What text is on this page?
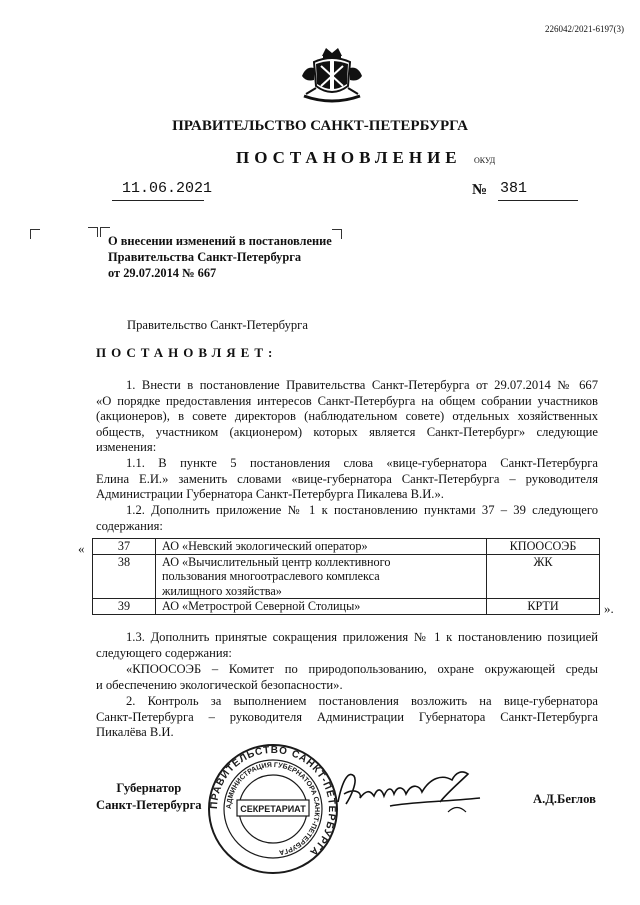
226042/2021-6197(3)
ПРАВИТЕЛЬСТВО САНКТ-ПЕТЕРБУРГА
ПОСТАНОВЛЕНИЕ ОКУД
11.06.2021	№ 381
О внесении изменений в постановление
Правительства Санкт-Петербурга
от 29.07.2014 № 667
Правительство Санкт-Петербурга
ПОСТАНОВЛЯЕТ:
1. Внести в постановление Правительства Санкт-Петербурга от 29.07.2014 № 667
«О порядке предоставления интересов Санкт-Петербурга на общем собрании участников
(акционеров), в совете директоров (наблюдательном совете) отдельных хозяйственных
обществ, участником (акционером) которых является Санкт-Петербург» следующие
изменения:
1.1. В пункте 5 постановления слова «вице-губернатора Санкт-Петербурга
Елина Е.И.» заменить словами «вице-губернатора Санкт-Петербурга – руководителя
Администрации Губернатора Санкт-Петербурга Пикалева В.И.».
1.2. Дополнить приложение № 1 к постановлению пунктами 37 – 39 следующего
содержания:
«	37	АО «Невский экологический оператор»	КПООСОЭБ
38	АО «Вычислительный центр коллективного
пользования многоотраслевого комплекса
жилищного хозяйства»	ЖК
39	АО «Метрострой Северной Столицы»	КРТИ	».
1.3. Дополнить принятые сокращения приложения № 1 к постановлению позицией
следующего содержания:
«КПООСОЭБ – Комитет по природопользованию, охране окружающей среды
и обеспечению экологической безопасности».
2. Контроль за выполнением постановления возложить на вице-губернатора
Санкт-Петербурга – руководителя Администрации Губернатора Санкт-Петербурга
Пикалёва В.И.
Губернатор
Санкт-Петербурга ПРАВИТЕЛЬСТВО САНКТ-ПЕТЕРБУРГА
АДМИНИСТРАЦИЯ ГУБЕРНАТОРА САНКТ-ПЕТЕРБУРГА
СЕКРЕТАРИАТ
А.Д.Беглов
